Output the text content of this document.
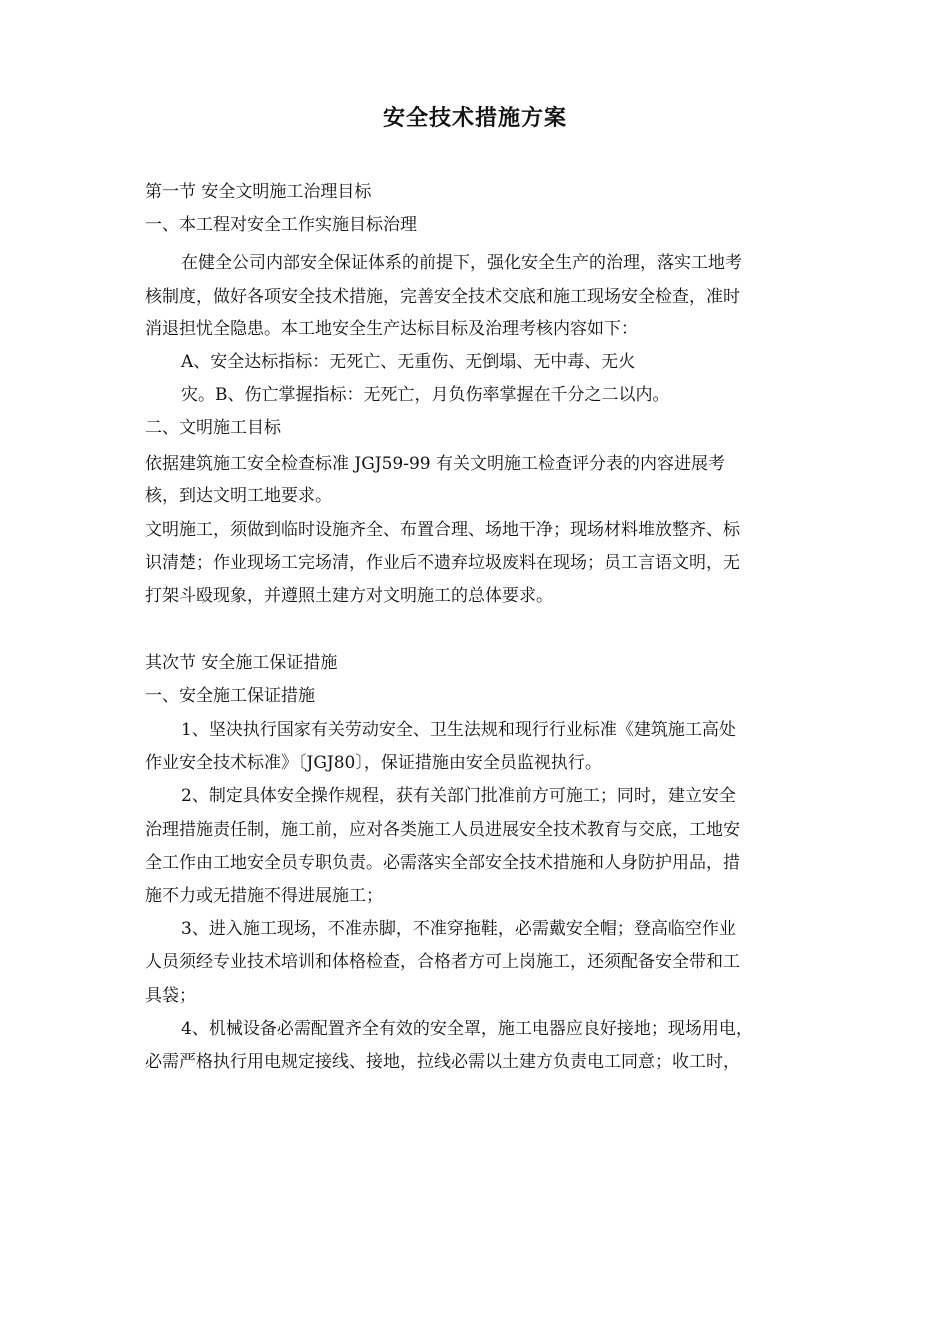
安全技术措施方案
第一节 安全文明施工治理目标
一、本工程对安全工作实施目标治理
在健全公司内部安全保证体系的前提下，强化安全生产的治理，落实工地考
核制度，做好各项安全技术措施，完善安全技术交底和施工现场安全检查，准时
消退担忧全隐患。本工地安全生产达标目标及治理考核内容如下：
A、安全达标指标：无死亡、无重伤、无倒塌、无中毒、无火
灾。B、伤亡掌握指标：无死亡，月负伤率掌握在千分之二以内。
二、文明施工目标
依据建筑施工安全检查标准 JGJ59-99 有关文明施工检查评分表的内容进展考
核，到达文明工地要求。
文明施工，须做到临时设施齐全、布置合理、场地干净；现场材料堆放整齐、标
识清楚；作业现场工完场清，作业后不遗弃垃圾废料在现场；员工言语文明，无
打架斗殴现象，并遵照土建方对文明施工的总体要求。
其次节 安全施工保证措施
一、安全施工保证措施
1、坚决执行国家有关劳动安全、卫生法规和现行行业标准《建筑施工高处
作业安全技术标准》〔JGJ80〕，保证措施由安全员监视执行。
2、制定具体安全操作规程，获有关部门批准前方可施工；同时，建立安全
治理措施责任制，施工前，应对各类施工人员进展安全技术教育与交底，工地安
全工作由工地安全员专职负责。必需落实全部安全技术措施和人身防护用品，措
施不力或无措施不得进展施工；
3、进入施工现场，不准赤脚，不准穿拖鞋，必需戴安全帽；登高临空作业
人员须经专业技术培训和体格检查，合格者方可上岗施工，还须配备安全带和工
具袋；
4、机械设备必需配置齐全有效的安全罩，施工电器应良好接地；现场用电，
必需严格执行用电规定接线、接地，拉线必需以土建方负责电工同意；收工时，
